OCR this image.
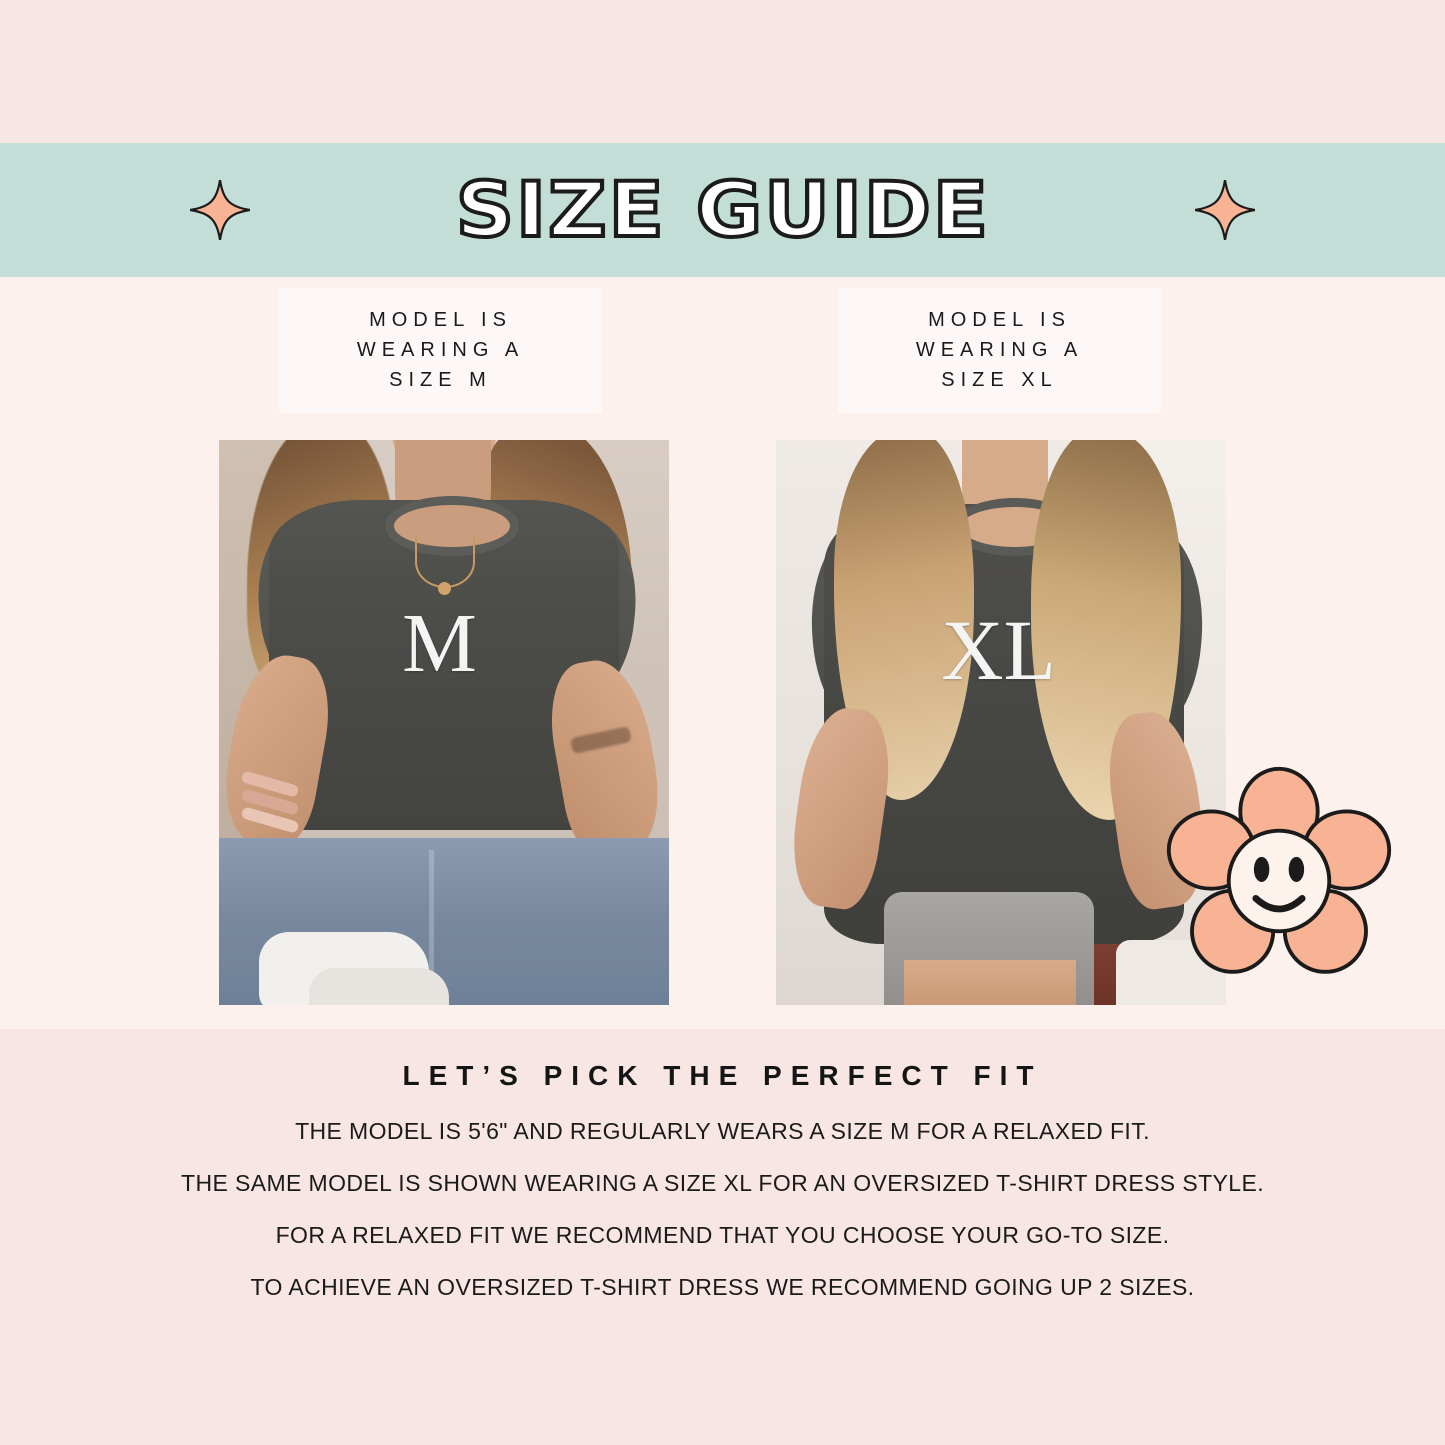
SIZE GUIDE
MODEL IS
WEARING A
SIZE M
MODEL IS
WEARING A
SIZE XL
M	XL
LET’S PICK THE PERFECT FIT

THE MODEL IS 5'6" AND REGULARLY WEARS A SIZE M FOR A RELAXED FIT.

THE SAME MODEL IS SHOWN WEARING A SIZE XL FOR AN OVERSIZED T-SHIRT DRESS STYLE.

FOR A RELAXED FIT WE RECOMMEND THAT YOU CHOOSE YOUR GO-TO SIZE.

TO ACHIEVE AN OVERSIZED T-SHIRT DRESS WE RECOMMEND GOING UP 2 SIZES.
